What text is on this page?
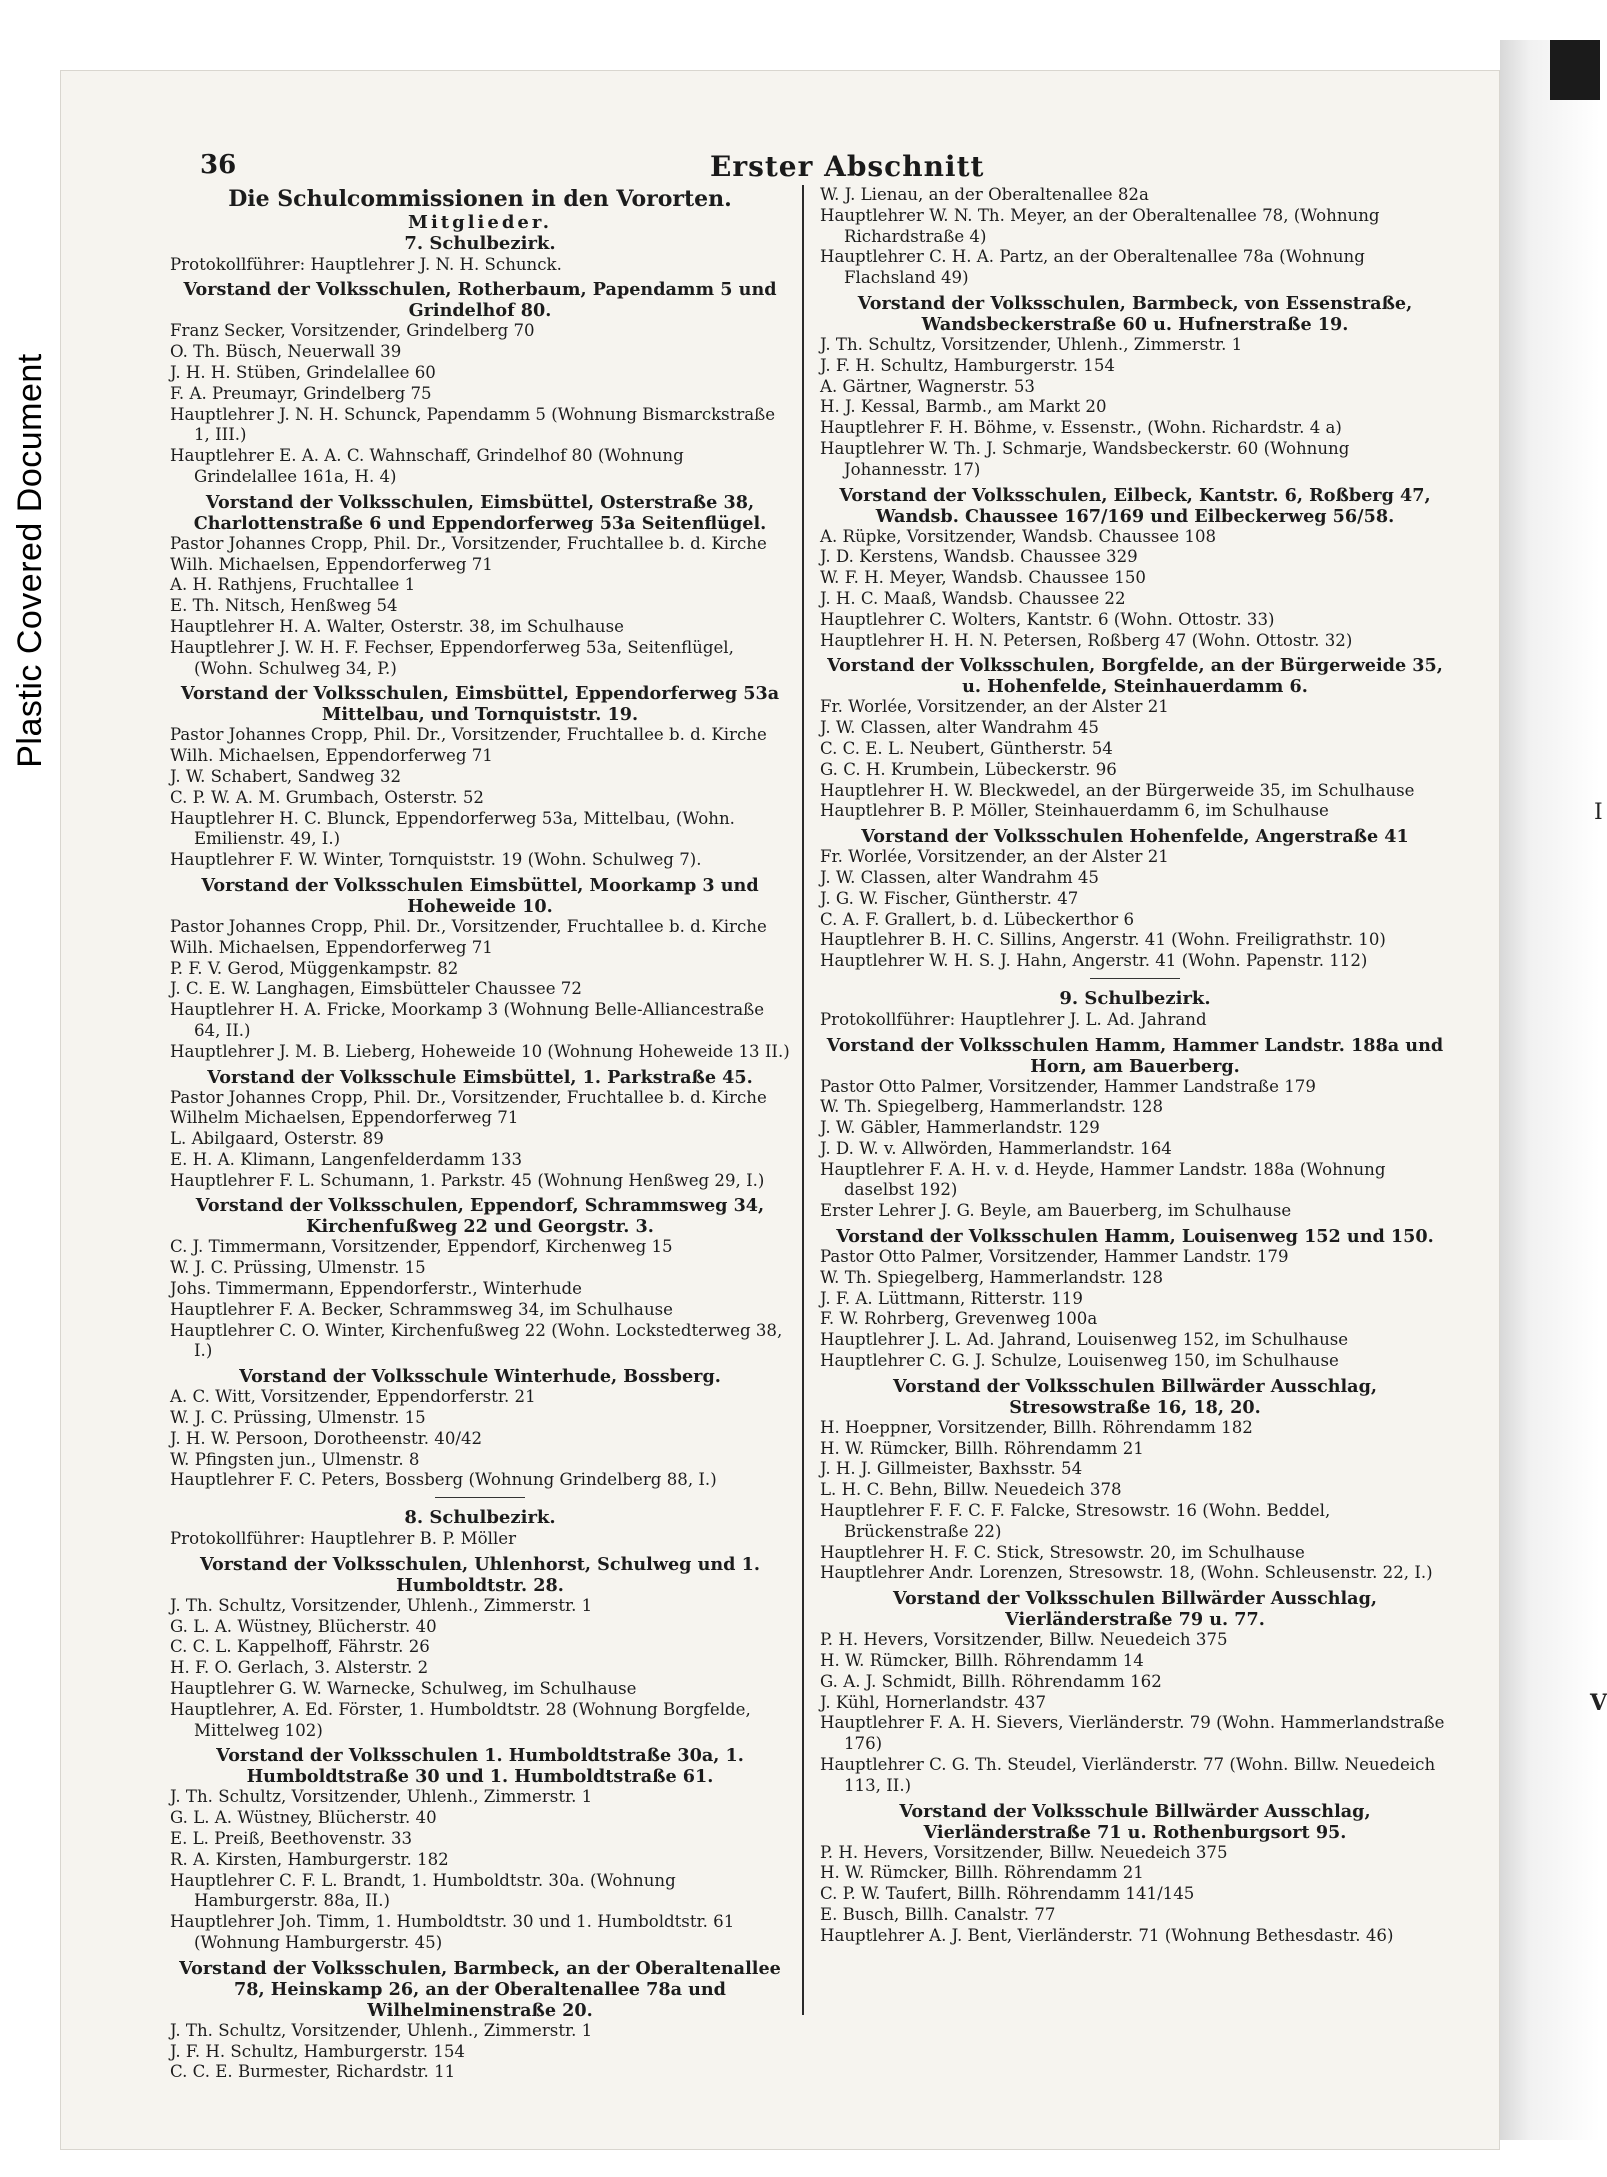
Plastic Covered Document
I
V
36	Erster Abschnitt
Die Schulcommissionen in den Vororten.
Mitglieder.
7. Schulbezirk.
Protokollführer: Hauptlehrer J. N. H. Schunck.
Vorstand der Volksschulen, Rotherbaum, Papendamm 5 und Grindelhof 80.
Franz Secker, Vorsitzender, Grindelberg 70
O. Th. Büsch, Neuerwall 39
J. H. H. Stüben, Grindelallee 60
F. A. Preumayr, Grindelberg 75
Hauptlehrer J. N. H. Schunck, Papendamm 5 (Wohnung Bismarckstraße 1, III.)
Hauptlehrer E. A. A. C. Wahnschaff, Grindelhof 80 (Wohnung Grindelallee 161a, H. 4)
Vorstand der Volksschulen, Eimsbüttel, Osterstraße 38, Charlottenstraße 6 und Eppendorferweg 53a Seitenflügel.
Pastor Johannes Cropp, Phil. Dr., Vorsitzender, Fruchtallee b. d. Kirche
Wilh. Michaelsen, Eppendorferweg 71
A. H. Rathjens, Fruchtallee 1
E. Th. Nitsch, Henßweg 54
Hauptlehrer H. A. Walter, Osterstr. 38, im Schulhause
Hauptlehrer J. W. H. F. Fechser, Eppendorferweg 53a, Seitenflügel, (Wohn. Schulweg 34, P.)
Vorstand der Volksschulen, Eimsbüttel, Eppendorferweg 53a Mittelbau, und Tornquiststr. 19.
Pastor Johannes Cropp, Phil. Dr., Vorsitzender, Fruchtallee b. d. Kirche
Wilh. Michaelsen, Eppendorferweg 71
J. W. Schabert, Sandweg 32
C. P. W. A. M. Grumbach, Osterstr. 52
Hauptlehrer H. C. Blunck, Eppendorferweg 53a, Mittelbau, (Wohn. Emilienstr. 49, I.)
Hauptlehrer F. W. Winter, Tornquiststr. 19 (Wohn. Schulweg 7).
Vorstand der Volksschulen Eimsbüttel, Moorkamp 3 und Hoheweide 10.
Pastor Johannes Cropp, Phil. Dr., Vorsitzender, Fruchtallee b. d. Kirche
Wilh. Michaelsen, Eppendorferweg 71
P. F. V. Gerod, Müggenkampstr. 82
J. C. E. W. Langhagen, Eimsbütteler Chaussee 72
Hauptlehrer H. A. Fricke, Moorkamp 3 (Wohnung Belle-Alliancestraße 64, II.)
Hauptlehrer J. M. B. Lieberg, Hoheweide 10 (Wohnung Hoheweide 13 II.)
Vorstand der Volksschule Eimsbüttel, 1. Parkstraße 45.
Pastor Johannes Cropp, Phil. Dr., Vorsitzender, Fruchtallee b. d. Kirche
Wilhelm Michaelsen, Eppendorferweg 71
L. Abilgaard, Osterstr. 89
E. H. A. Klimann, Langenfelderdamm 133
Hauptlehrer F. L. Schumann, 1. Parkstr. 45 (Wohnung Henßweg 29, I.)
Vorstand der Volksschulen, Eppendorf, Schrammsweg 34, Kirchenfußweg 22 und Georgstr. 3.
C. J. Timmermann, Vorsitzender, Eppendorf, Kirchenweg 15
W. J. C. Prüssing, Ulmenstr. 15
Johs. Timmermann, Eppendorferstr., Winterhude
Hauptlehrer F. A. Becker, Schrammsweg 34, im Schulhause
Hauptlehrer C. O. Winter, Kirchenfußweg 22 (Wohn. Lockstedterweg 38, I.)
Vorstand der Volksschule Winterhude, Bossberg.
A. C. Witt, Vorsitzender, Eppendorferstr. 21
W. J. C. Prüssing, Ulmenstr. 15
J. H. W. Persoon, Dorotheenstr. 40/42
W. Pfingsten jun., Ulmenstr. 8
Hauptlehrer F. C. Peters, Bossberg (Wohnung Grindelberg 88, I.)
8. Schulbezirk.
Protokollführer: Hauptlehrer B. P. Möller
Vorstand der Volksschulen, Uhlenhorst, Schulweg und 1. Humboldtstr. 28.
J. Th. Schultz, Vorsitzender, Uhlenh., Zimmerstr. 1
G. L. A. Wüstney, Blücherstr. 40
C. C. L. Kappelhoff, Fährstr. 26
H. F. O. Gerlach, 3. Alsterstr. 2
Hauptlehrer G. W. Warnecke, Schulweg, im Schulhause
Hauptlehrer, A. Ed. Förster, 1. Humboldtstr. 28 (Wohnung Borgfelde, Mittelweg 102)
Vorstand der Volksschulen 1. Humboldtstraße 30a, 1. Humboldtstraße 30 und 1. Humboldtstraße 61.
J. Th. Schultz, Vorsitzender, Uhlenh., Zimmerstr. 1
G. L. A. Wüstney, Blücherstr. 40
E. L. Preiß, Beethovenstr. 33
R. A. Kirsten, Hamburgerstr. 182
Hauptlehrer C. F. L. Brandt, 1. Humboldtstr. 30a. (Wohnung Hamburgerstr. 88a, II.)
Hauptlehrer Joh. Timm, 1. Humboldtstr. 30 und 1. Humboldtstr. 61 (Wohnung Hamburgerstr. 45)
Vorstand der Volksschulen, Barmbeck, an der Oberaltenallee 78, Heinskamp 26, an der Oberaltenallee 78a und Wilhelminenstraße 20.
J. Th. Schultz, Vorsitzender, Uhlenh., Zimmerstr. 1
J. F. H. Schultz, Hamburgerstr. 154
C. C. E. Burmester, Richardstr. 11
W. J. Lienau, an der Oberaltenallee 82a
Hauptlehrer W. N. Th. Meyer, an der Oberaltenallee 78, (Wohnung Richardstraße 4)
Hauptlehrer C. H. A. Partz, an der Oberaltenallee 78a (Wohnung Flachsland 49)
Vorstand der Volksschulen, Barmbeck, von Essenstraße, Wandsbeckerstraße 60 u. Hufnerstraße 19.
J. Th. Schultz, Vorsitzender, Uhlenh., Zimmerstr. 1
J. F. H. Schultz, Hamburgerstr. 154
A. Gärtner, Wagnerstr. 53
H. J. Kessal, Barmb., am Markt 20
Hauptlehrer F. H. Böhme, v. Essenstr., (Wohn. Richardstr. 4 a)
Hauptlehrer W. Th. J. Schmarje, Wandsbeckerstr. 60 (Wohnung Johannesstr. 17)
Vorstand der Volksschulen, Eilbeck, Kantstr. 6, Roßberg 47, Wandsb. Chaussee 167/169 und Eilbeckerweg 56/58.
A. Rüpke, Vorsitzender, Wandsb. Chaussee 108
J. D. Kerstens, Wandsb. Chaussee 329
W. F. H. Meyer, Wandsb. Chaussee 150
J. H. C. Maaß, Wandsb. Chaussee 22
Hauptlehrer C. Wolters, Kantstr. 6 (Wohn. Ottostr. 33)
Hauptlehrer H. H. N. Petersen, Roßberg 47 (Wohn. Ottostr. 32)
Vorstand der Volksschulen, Borgfelde, an der Bürgerweide 35, u. Hohenfelde, Steinhauerdamm 6.
Fr. Worlée, Vorsitzender, an der Alster 21
J. W. Classen, alter Wandrahm 45
C. C. E. L. Neubert, Güntherstr. 54
G. C. H. Krumbein, Lübeckerstr. 96
Hauptlehrer H. W. Bleckwedel, an der Bürgerweide 35, im Schulhause
Hauptlehrer B. P. Möller, Steinhauerdamm 6, im Schulhause
Vorstand der Volksschulen Hohenfelde, Angerstraße 41
Fr. Worlée, Vorsitzender, an der Alster 21
J. W. Classen, alter Wandrahm 45
J. G. W. Fischer, Güntherstr. 47
C. A. F. Grallert, b. d. Lübeckerthor 6
Hauptlehrer B. H. C. Sillins, Angerstr. 41 (Wohn. Freiligrathstr. 10)
Hauptlehrer W. H. S. J. Hahn, Angerstr. 41 (Wohn. Papenstr. 112)
9. Schulbezirk.
Protokollführer: Hauptlehrer J. L. Ad. Jahrand
Vorstand der Volksschulen Hamm, Hammer Landstr. 188a und Horn, am Bauerberg.
Pastor Otto Palmer, Vorsitzender, Hammer Landstraße 179
W. Th. Spiegelberg, Hammerlandstr. 128
J. W. Gäbler, Hammerlandstr. 129
J. D. W. v. Allwörden, Hammerlandstr. 164
Hauptlehrer F. A. H. v. d. Heyde, Hammer Landstr. 188a (Wohnung daselbst 192)
Erster Lehrer J. G. Beyle, am Bauerberg, im Schulhause
Vorstand der Volksschulen Hamm, Louisenweg 152 und 150.
Pastor Otto Palmer, Vorsitzender, Hammer Landstr. 179
W. Th. Spiegelberg, Hammerlandstr. 128
J. F. A. Lüttmann, Ritterstr. 119
F. W. Rohrberg, Grevenweg 100a
Hauptlehrer J. L. Ad. Jahrand, Louisenweg 152, im Schulhause
Hauptlehrer C. G. J. Schulze, Louisenweg 150, im Schulhause
Vorstand der Volksschulen Billwärder Ausschlag, Stresowstraße 16, 18, 20.
H. Hoeppner, Vorsitzender, Billh. Röhrendamm 182
H. W. Rümcker, Billh. Röhrendamm 21
J. H. J. Gillmeister, Baxhsstr. 54
L. H. C. Behn, Billw. Neuedeich 378
Hauptlehrer F. F. C. F. Falcke, Stresowstr. 16 (Wohn. Beddel, Brückenstraße 22)
Hauptlehrer H. F. C. Stick, Stresowstr. 20, im Schulhause
Hauptlehrer Andr. Lorenzen, Stresowstr. 18, (Wohn. Schleusenstr. 22, I.)
Vorstand der Volksschulen Billwärder Ausschlag, Vierländerstraße 79 u. 77.
P. H. Hevers, Vorsitzender, Billw. Neuedeich 375
H. W. Rümcker, Billh. Röhrendamm 14
G. A. J. Schmidt, Billh. Röhrendamm 162
J. Kühl, Hornerlandstr. 437
Hauptlehrer F. A. H. Sievers, Vierländerstr. 79 (Wohn. Hammerlandstraße 176)
Hauptlehrer C. G. Th. Steudel, Vierländerstr. 77 (Wohn. Billw. Neuedeich 113, II.)
Vorstand der Volksschule Billwärder Ausschlag, Vierländerstraße 71 u. Rothenburgsort 95.
P. H. Hevers, Vorsitzender, Billw. Neuedeich 375
H. W. Rümcker, Billh. Röhrendamm 21
C. P. W. Taufert, Billh. Röhrendamm 141/145
E. Busch, Billh. Canalstr. 77
Hauptlehrer A. J. Bent, Vierländerstr. 71 (Wohnung Bethesdastr. 46)
